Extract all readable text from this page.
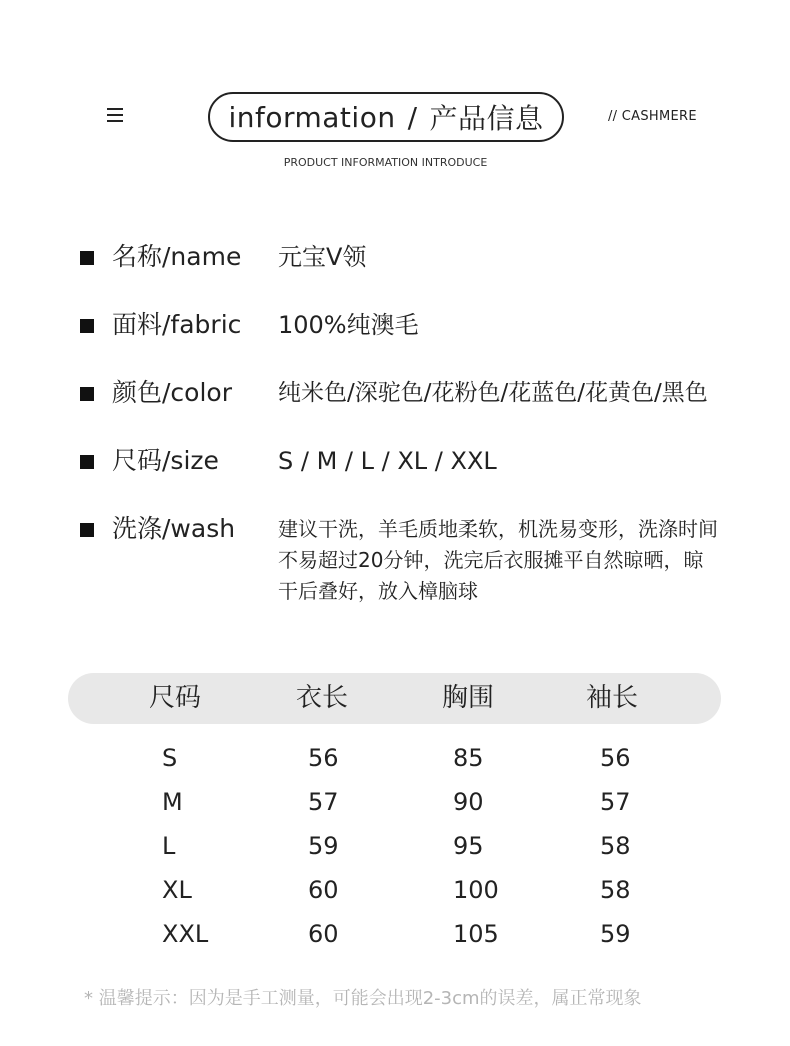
information / 产品信息	// CASHMERE
PRODUCT INFORMATION INTRODUCE
名称/name 元宝V领
面料/fabric 100%纯澳毛
颜色/color 纯米色/深驼色/花粉色/花蓝色/花黄色/黑色
尺码/size S / M / L / XL / XXL
洗涤/wash 建议干洗，羊毛质地柔软，机洗易变形，洗涤时间不易超过20分钟，洗完后衣服摊平自然晾晒，晾干后叠好，放入樟脑球
尺码	衣长	胸围	袖长
S	56	85	56
M	57	90	57
L	59	95	58
XL	60	100	58
XXL	60	105	59
* 温馨提示：因为是手工测量，可能会出现2-3cm的误差，属正常现象
